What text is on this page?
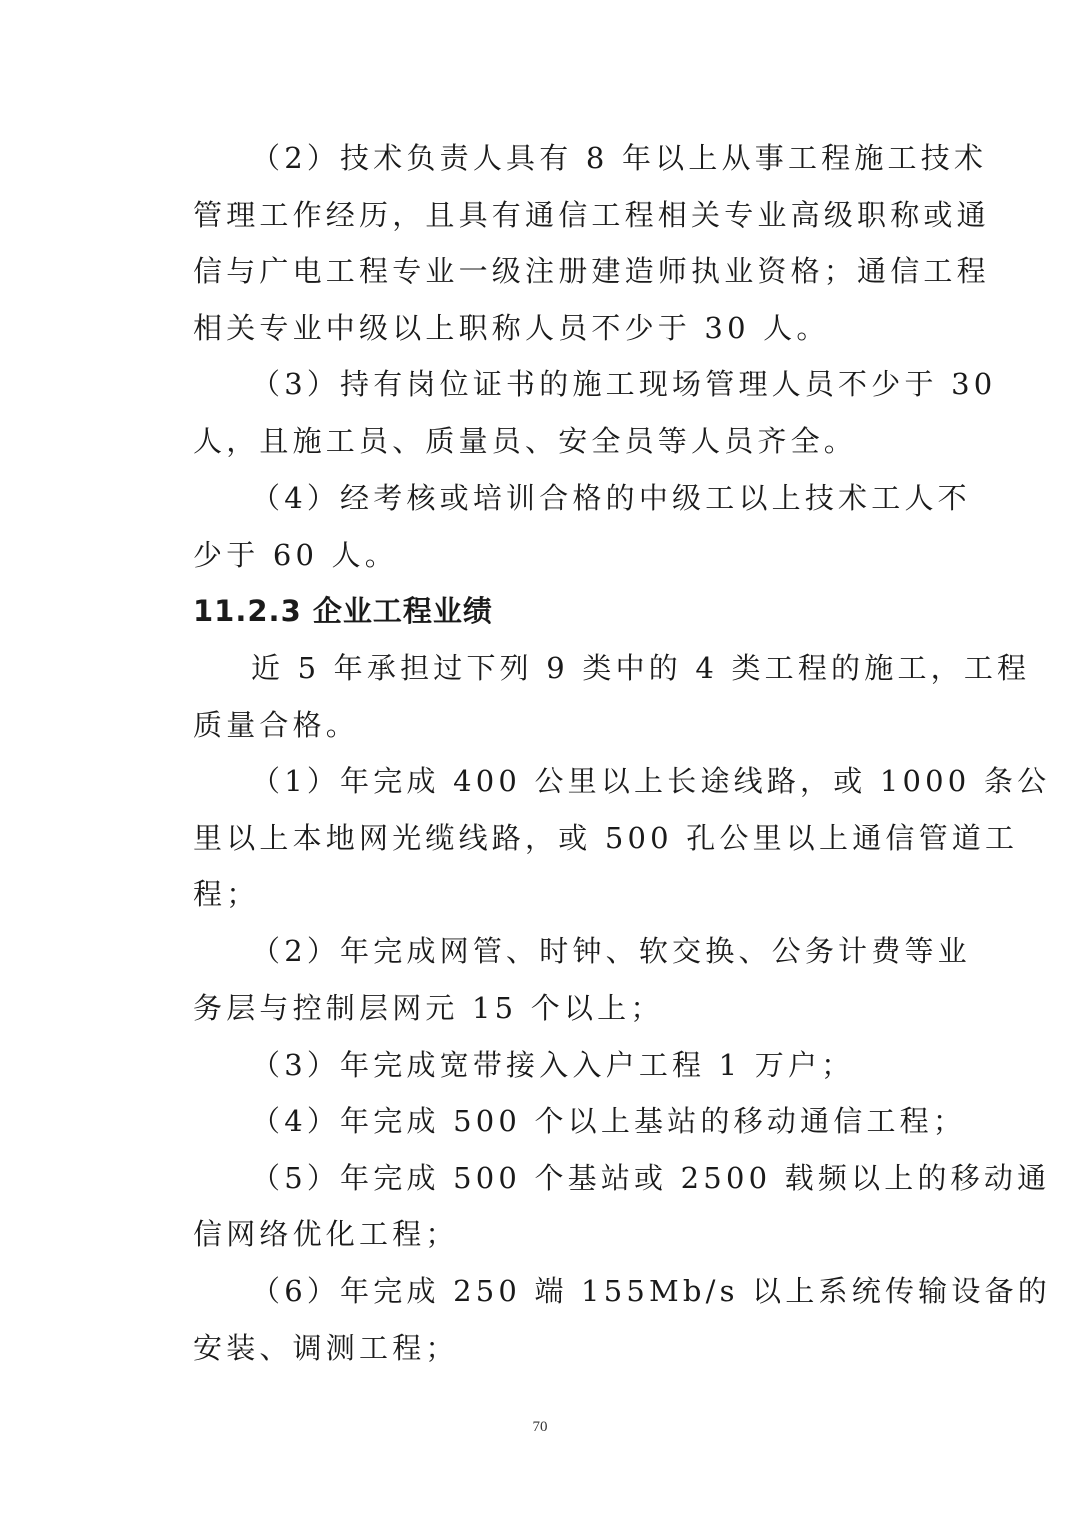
（2）技术负责人具有 8 年以上从事工程施工技术
管理工作经历，且具有通信工程相关专业高级职称或通
信与广电工程专业一级注册建造师执业资格；通信工程
相关专业中级以上职称人员不少于 30 人。
（3）持有岗位证书的施工现场管理人员不少于 30
人，且施工员、质量员、安全员等人员齐全。
（4）经考核或培训合格的中级工以上技术工人不
少于 60 人。
11.2.3 企业工程业绩
近 5 年承担过下列 9 类中的 4 类工程的施工，工程
质量合格。
（1）年完成 400 公里以上长途线路，或 1000 条公
里以上本地网光缆线路，或 500 孔公里以上通信管道工
程；
（2）年完成网管、时钟、软交换、公务计费等业
务层与控制层网元 15 个以上；
（3）年完成宽带接入入户工程 1 万户；
（4）年完成 500 个以上基站的移动通信工程；
（5）年完成 500 个基站或 2500 载频以上的移动通
信网络优化工程；
（6）年完成 250 端 155Mb/s 以上系统传输设备的
安装、调测工程；
70
